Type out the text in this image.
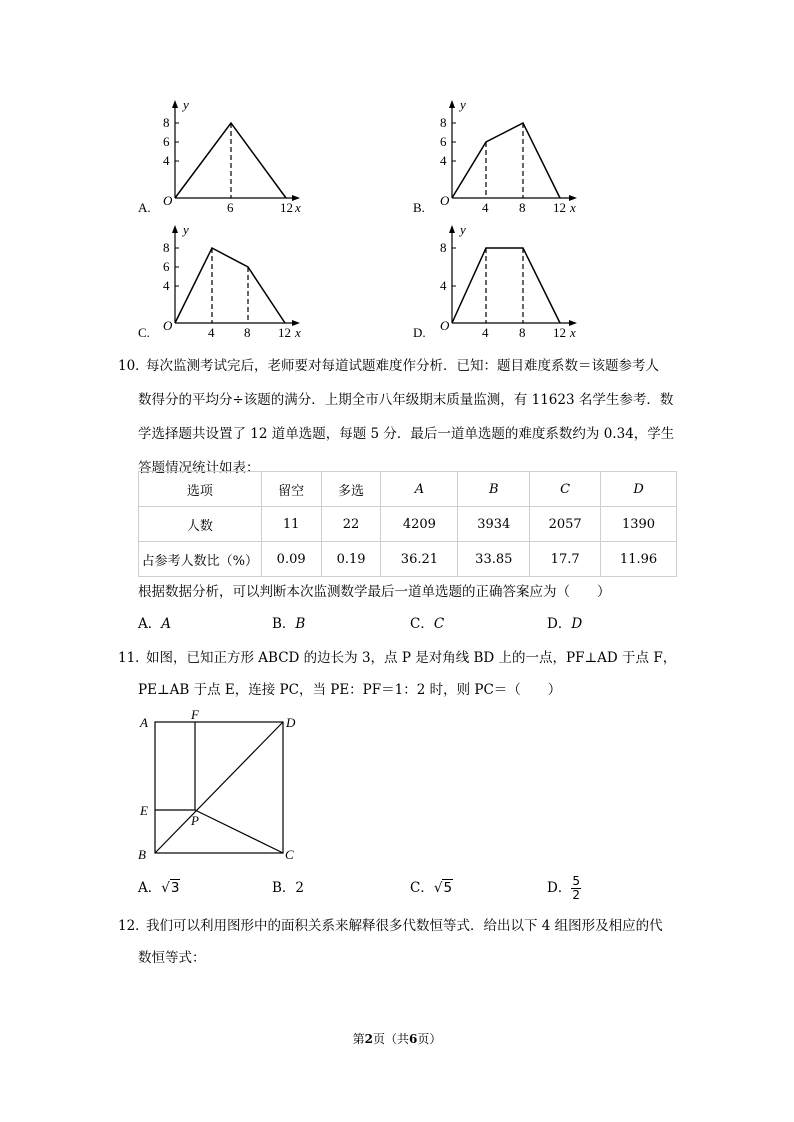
y
8
6
4
O	6	12 x
A.
y
8
6
4
O	4 8 12 x
B.
y
8
6
4
O	4 8 12 x
C.
y
8
4
O	4 8 12 x
D.
10．
每次监测考试完后，老师要对每道试题难度作分析．已知：题目难度系数＝该题参考人
数得分的平均分÷该题的满分．上期全市八年级期末质量监测，有 11623 名学生参考．数
学选择题共设置了 12 道单选题，每题 5 分．最后一道单选题的难度系数约为 0.34，学生
答题情况统计如表：
选项	留空	多选	A	B	C	D
人数	11	22	4209	3934	2057	1390
占参考人数比（%）	0.09	0.19	36.21	33.85	17.7	11.96
根据数据分析，可以判断本次监测数学最后一道单选题的正确答案应为（　　）
A．A	B．B	C．C	D．D
11．
如图，已知正方形 ABCD 的边长为 3，点 P 是对角线 BD 上的一点，PF⊥AD 于点 F，
PE⊥AB 于点 E，连接 PC，当 PE：PF＝1：2 时，则 PC＝（　　）
A
F
D
E
P
B	C
A．√3	B．2	C．√5	D． $\frac{5}{2}$
12．
我们可以利用图形中的面积关系来解释很多代数恒等式．给出以下 4 组图形及相应的代
数恒等式：
第2页（共6页）
